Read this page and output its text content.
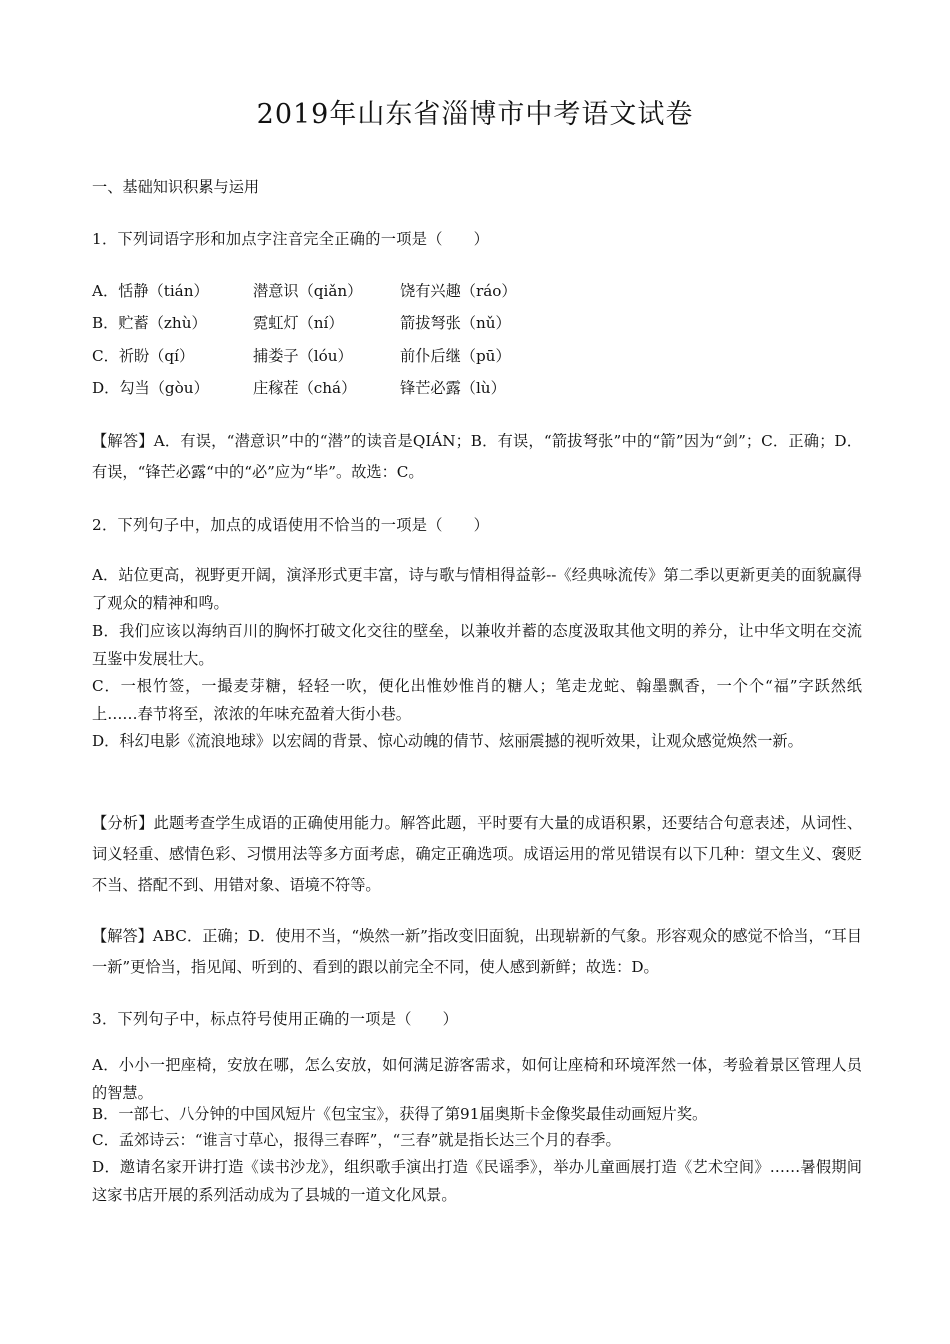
2019年山东省淄博市中考语文试卷
一、基础知识积累与运用
1．下列词语字形和加点字注音完全正确的一项是（　　）
A．恬静（tián）	潜意识（qiǎn） 饶有兴趣（ráo）
B．贮蓄（zhù）	霓虹灯（ní）	箭拔弩张（nǔ）
C．祈盼（qí）	捕娄子（lóu）	前仆后继（pū）
D．勾当（gòu）	庄稼茬（chá）	锋芒必露（lù）
【解答】A．有误，“潜意识”中的“潜”的读音是QIÁN；B．有误，“箭拔弩张”中的“箭”因为“剑”；C．正确；D．有误，“锋芒必露“中的“必”应为“毕”。故选：C。
2．下列句子中，加点的成语使用不恰当的一项是（　　）
A．站位更高，视野更开阔，演泽形式更丰富，诗与歌与情相得益彰--《经典咏流传》第二季以更新更美的面貌赢得了观众的精神和鸣。
B．我们应该以海纳百川的胸怀打破文化交往的壁垒，以兼收并蓄的态度汲取其他文明的养分，让中华文明在交流互鉴中发展壮大。
C．一根竹签，一撮麦芽糖，轻轻一吹，便化出惟妙惟肖的糖人；笔走龙蛇、翰墨飘香，一个个“福”字跃然纸上……春节将至，浓浓的年味充盈着大街小巷。
D．科幻电影《流浪地球》以宏阔的背景、惊心动魄的倩节、炫丽震撼的视听效果，让观众感觉焕然一新。
【分析】此题考查学生成语的正确使用能力。解答此题，平时要有大量的成语积累，还要结合句意表述，从词性、词义轻重、感情色彩、习惯用法等多方面考虑，确定正确选项。成语运用的常见错误有以下几种：望文生义、褒贬不当、搭配不到、用错对象、语境不符等。
【解答】ABC．正确；D．使用不当，“焕然一新”指改变旧面貌，出现崭新的气象。形容观众的感觉不恰当，“耳目一新”更恰当，指见闻、听到的、看到的跟以前完全不同，使人感到新鲜；故选：D。
3．下列句子中，标点符号使用正确的一项是（　　）
A．小小一把座椅，安放在哪，怎么安放，如何满足游客需求，如何让座椅和环境浑然一体，考验着景区管理人员的智慧。
B．一部七、八分钟的中国风短片《包宝宝》，获得了第91届奥斯卡金像奖最佳动画短片奖。
C．孟郊诗云：“谁言寸草心，报得三春晖”，“三春”就是指长达三个月的春季。
D．邀请名家开讲打造《读书沙龙》，组织歌手演出打造《民谣季》，举办儿童画展打造《艺术空间》……暑假期间这家书店开展的系列活动成为了县城的一道文化风景。
